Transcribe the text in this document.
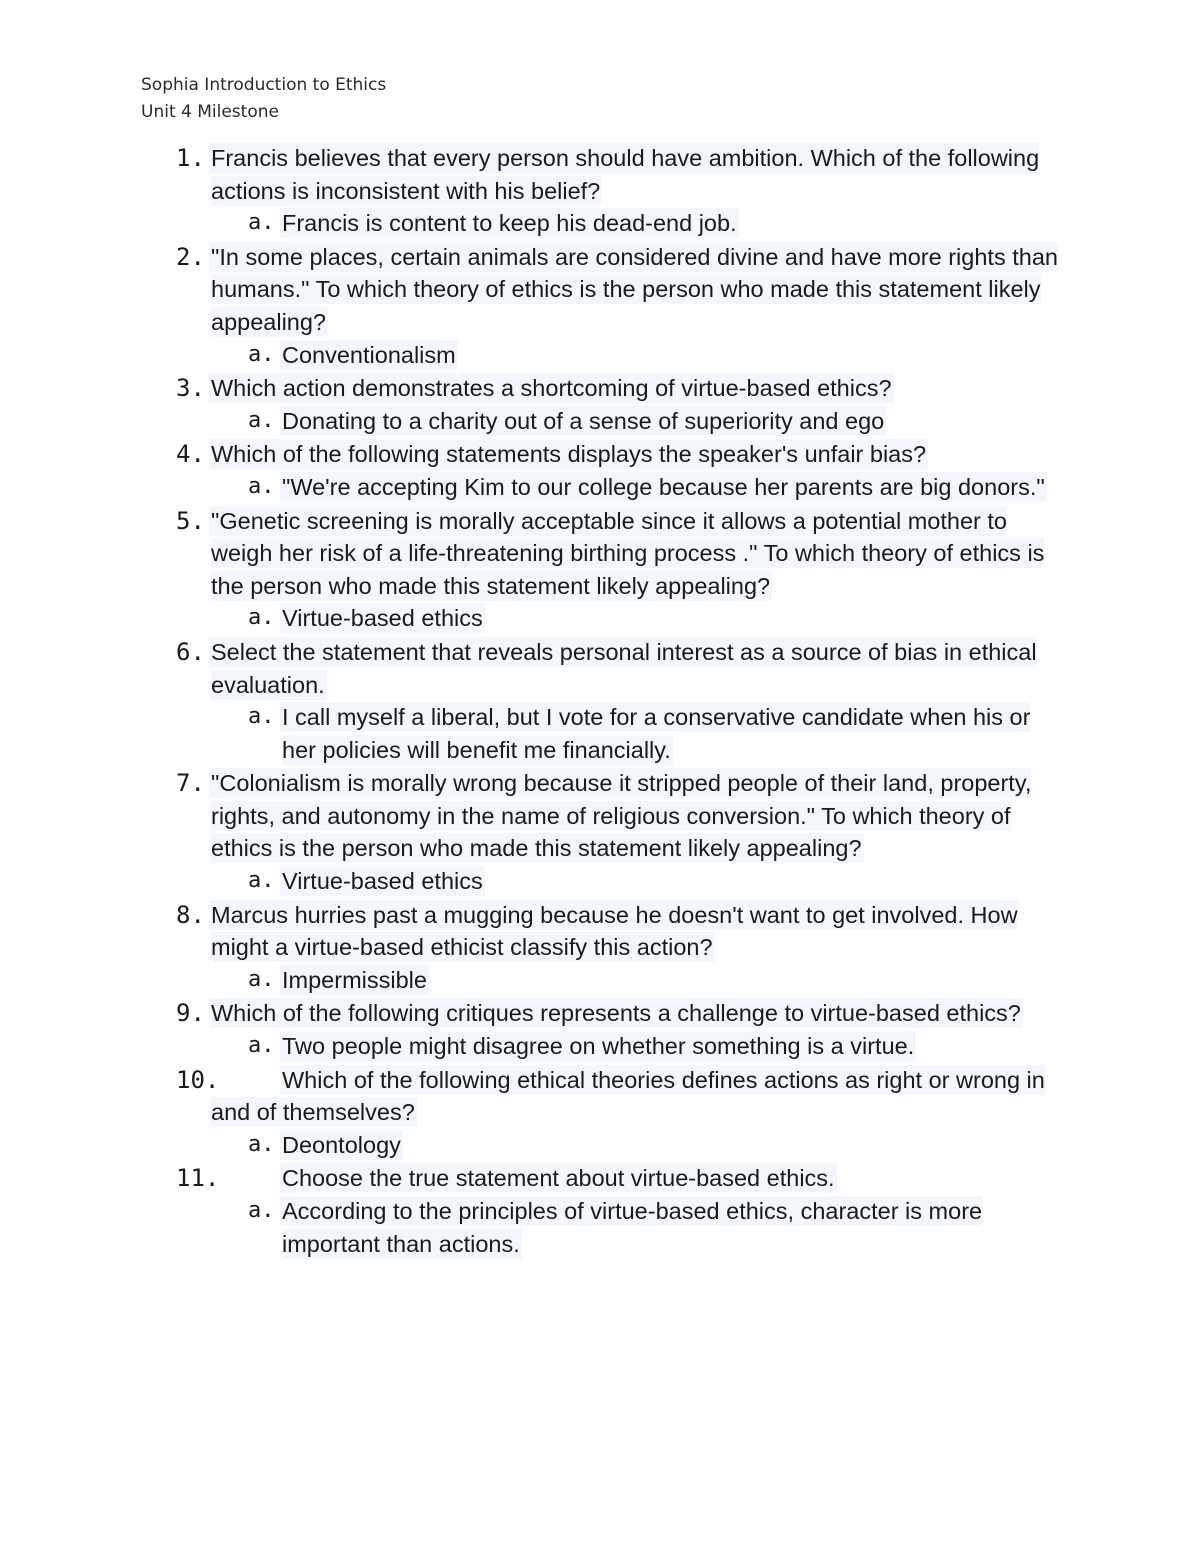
Sophia Introduction to Ethics
Unit 4 Milestone
1. Francis believes that every person should have ambition. Which of the following actions is inconsistent with his belief?
a. Francis is content to keep his dead-end job.
2. "In some places, certain animals are considered divine and have more rights than humans." To which theory of ethics is the person who made this statement likely appealing?
a. Conventionalism
3. Which action demonstrates a shortcoming of virtue-based ethics?
a. Donating to a charity out of a sense of superiority and ego
4. Which of the following statements displays the speaker's unfair bias?
a. "We're accepting Kim to our college because her parents are big donors."
5. "Genetic screening is morally acceptable since it allows a potential mother to weigh her risk of a life-threatening birthing process ." To which theory of ethics is the person who made this statement likely appealing?
a. Virtue-based ethics
6. Select the statement that reveals personal interest as a source of bias in ethical evaluation.
a. I call myself a liberal, but I vote for a conservative candidate when his or her policies will benefit me financially.
7. "Colonialism is morally wrong because it stripped people of their land, property, rights, and autonomy in the name of religious conversion." To which theory of ethics is the person who made this statement likely appealing?
a. Virtue-based ethics
8. Marcus hurries past a mugging because he doesn't want to get involved. How might a virtue-based ethicist classify this action?
a. Impermissible
9. Which of the following critiques represents a challenge to virtue-based ethics?
a. Two people might disagree on whether something is a virtue.
10.	Which of the following ethical theories defines actions as right or wrong in and of themselves?
a. Deontology
11.	Choose the true statement about virtue-based ethics.
a. According to the principles of virtue-based ethics, character is more important than actions.
